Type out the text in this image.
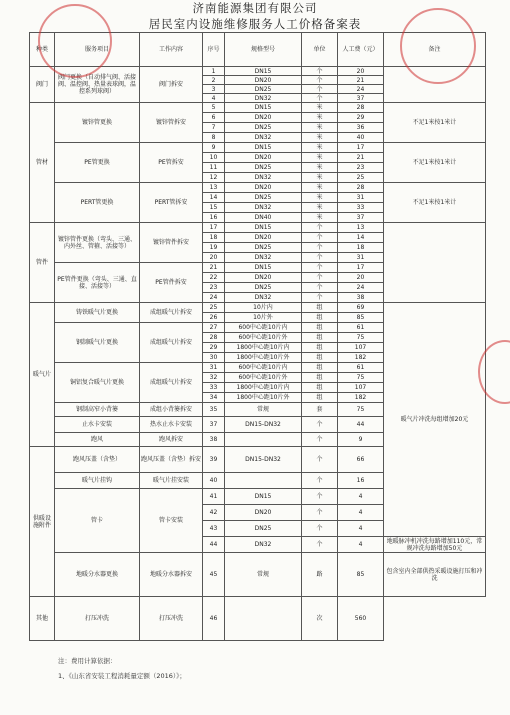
济南能源集团有限公司
居民室内设施维修服务人工价格备案表
种类	服务项目	工作内容	序号	规格型号	单位	人工费（元）	备注
阀门	阀门更换（自动排气阀、活接阀、温控阀、热量表球阀，温控系列球阀）	阀门拆安	1	DN15	个	20	
			2	DN20	个	21	
			3	DN25	个	24	
			4	DN32	个	37	
管材	镀锌管更换	镀锌管拆安	5	DN15	米	28	不足1米按1米计
			6	DN20	米	29	
			7	DN25	米	36	
			8	DN32	米	40	
	PE管更换	PE管拆安	9	DN15	米	17	不足1米按1米计
			10	DN20	米	21	
			11	DN25	米	23	
			12	DN32	米	25	
	PERT管更换	PERT管拆安	13	DN20	米	28	不足1米按1米计
			14	DN25	米	31	
			15	DN32	米	33	
			16	DN40	米	37	
管件	镀锌管件更换（弯头、三通、内外丝、管箍、活接等）	镀锌管件拆安	17	DN15	个	13	
			18	DN20	个	14	
			19	DN25	个	18	
			20	DN32	个	31	
	PE管件更换（弯头、三通、直接、活接等）	PE管件拆安	21	DN15	个	17	
			22	DN20	个	20	
			23	DN25	个	24	
			24	DN32	个	38	
暖气片	铸铁暖气片更换	成组暖气片拆安	25	10片内	组	69	暖气片冲洗每组增加20元
			26	10片外	组	85	
	钢制暖气片更换	成组暖气片拆安	27	600中心距10片内	组	61	
			28	600中心距10片外	组	75	
			29	1800中心距10片内	组	107	
			30	1800中心距10片外	组	182	
	铜铝复合暖气片更换	成组暖气片拆安	31	600中心距10片内	组	61	
			32	600中心距10片外	组	75	
			33	1800中心距10片内	组	107	
			34	1800中心距10片外	组	182	
	钢制高窄小背篓	成组小背篓拆安	35	常规	套	75	
	止水卡安装	热水止水卡安装	37	DN15-DN32	个	44	
	跑风	跑风拆安	38		个	9	
供暖设施附件	跑风压盖（含垫）	跑风压盖（含垫）拆安	39	DN15-DN32	个	66	
	暖气片挂钩	暖气片挂安装	40		个	16	
	管卡	管卡安装	41	DN15	个	4	
			42	DN20	个	4	
			43	DN25	个	4	
			44	DN32	个	4	地暖脉冲机冲洗每路增加110元，常规冲洗每路增加50元
	地暖分水器更换	地暖分水器拆安	45	常规	路	85	包含室内全部供热采暖设施打压和冲洗
其他	打压冲洗	打压冲洗	46		次	560	
注：费用计算依据：
1、《山东省安装工程消耗量定额（2016）》；
